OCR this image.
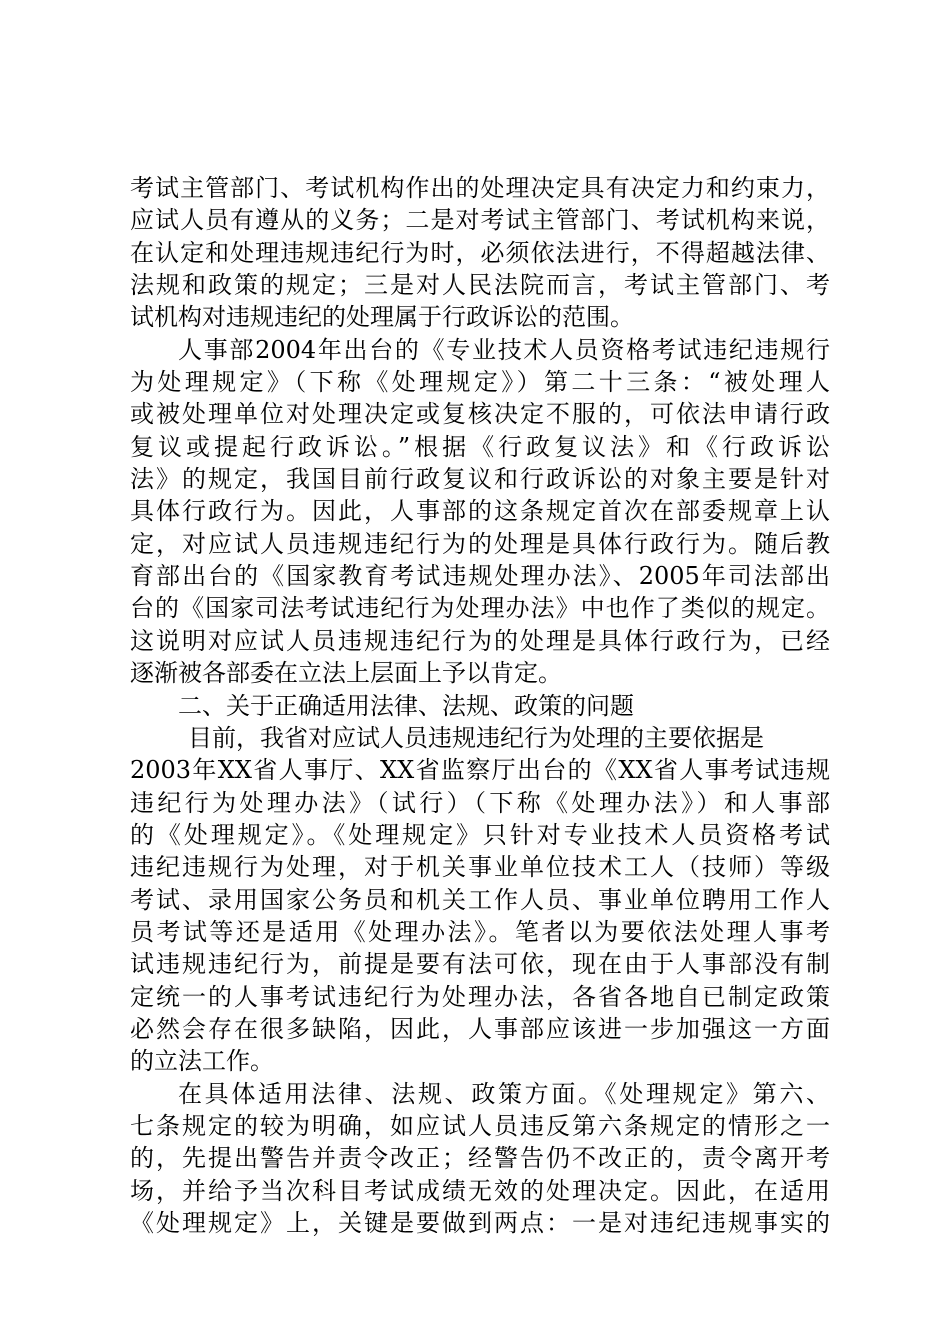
考试主管部门、考试机构作出的处理决定具有决定力和约束力，
应试人员有遵从的义务；二是对考试主管部门、考试机构来说，
在认定和处理违规违纪行为时，必须依法进行，不得超越法律、
法规和政策的规定；三是对人民法院而言，考试主管部门、考
试机构对违规违纪的处理属于行政诉讼的范围。
人事部2004年出台的《专业技术人员资格考试违纪违规行
为处理规定》（下称《处理规定》）第二十三条：“被处理人
或被处理单位对处理决定或复核决定不服的，可依法申请行政
复议或提起行政诉讼。”根据《行政复议法》和《行政诉讼
法》的规定，我国目前行政复议和行政诉讼的对象主要是针对
具体行政行为。因此，人事部的这条规定首次在部委规章上认
定，对应试人员违规违纪行为的处理是具体行政行为。随后教
育部出台的《国家教育考试违规处理办法》、2005年司法部出
台的《国家司法考试违纪行为处理办法》中也作了类似的规定。
这说明对应试人员违规违纪行为的处理是具体行政行为，已经
逐渐被各部委在立法上层面上予以肯定。
二、关于正确适用法律、法规、政策的问题
目前，我省对应试人员违规违纪行为处理的主要依据是
2003年XX省人事厅、XX省监察厅出台的《XX省人事考试违规
违纪行为处理办法》（试行）（下称《处理办法》）和人事部
的《处理规定》。《处理规定》只针对专业技术人员资格考试
违纪违规行为处理，对于机关事业单位技术工人（技师）等级
考试、录用国家公务员和机关工作人员、事业单位聘用工作人
员考试等还是适用《处理办法》。笔者以为要依法处理人事考
试违规违纪行为，前提是要有法可依，现在由于人事部没有制
定统一的人事考试违纪行为处理办法，各省各地自已制定政策
必然会存在很多缺陷，因此，人事部应该进一步加强这一方面
的立法工作。
在具体适用法律、法规、政策方面。《处理规定》第六、
七条规定的较为明确，如应试人员违反第六条规定的情形之一
的，先提出警告并责令改正；经警告仍不改正的，责令离开考
场，并给予当次科目考试成绩无效的处理决定。因此，在适用
《处理规定》上，关键是要做到两点：一是对违纪违规事实的
